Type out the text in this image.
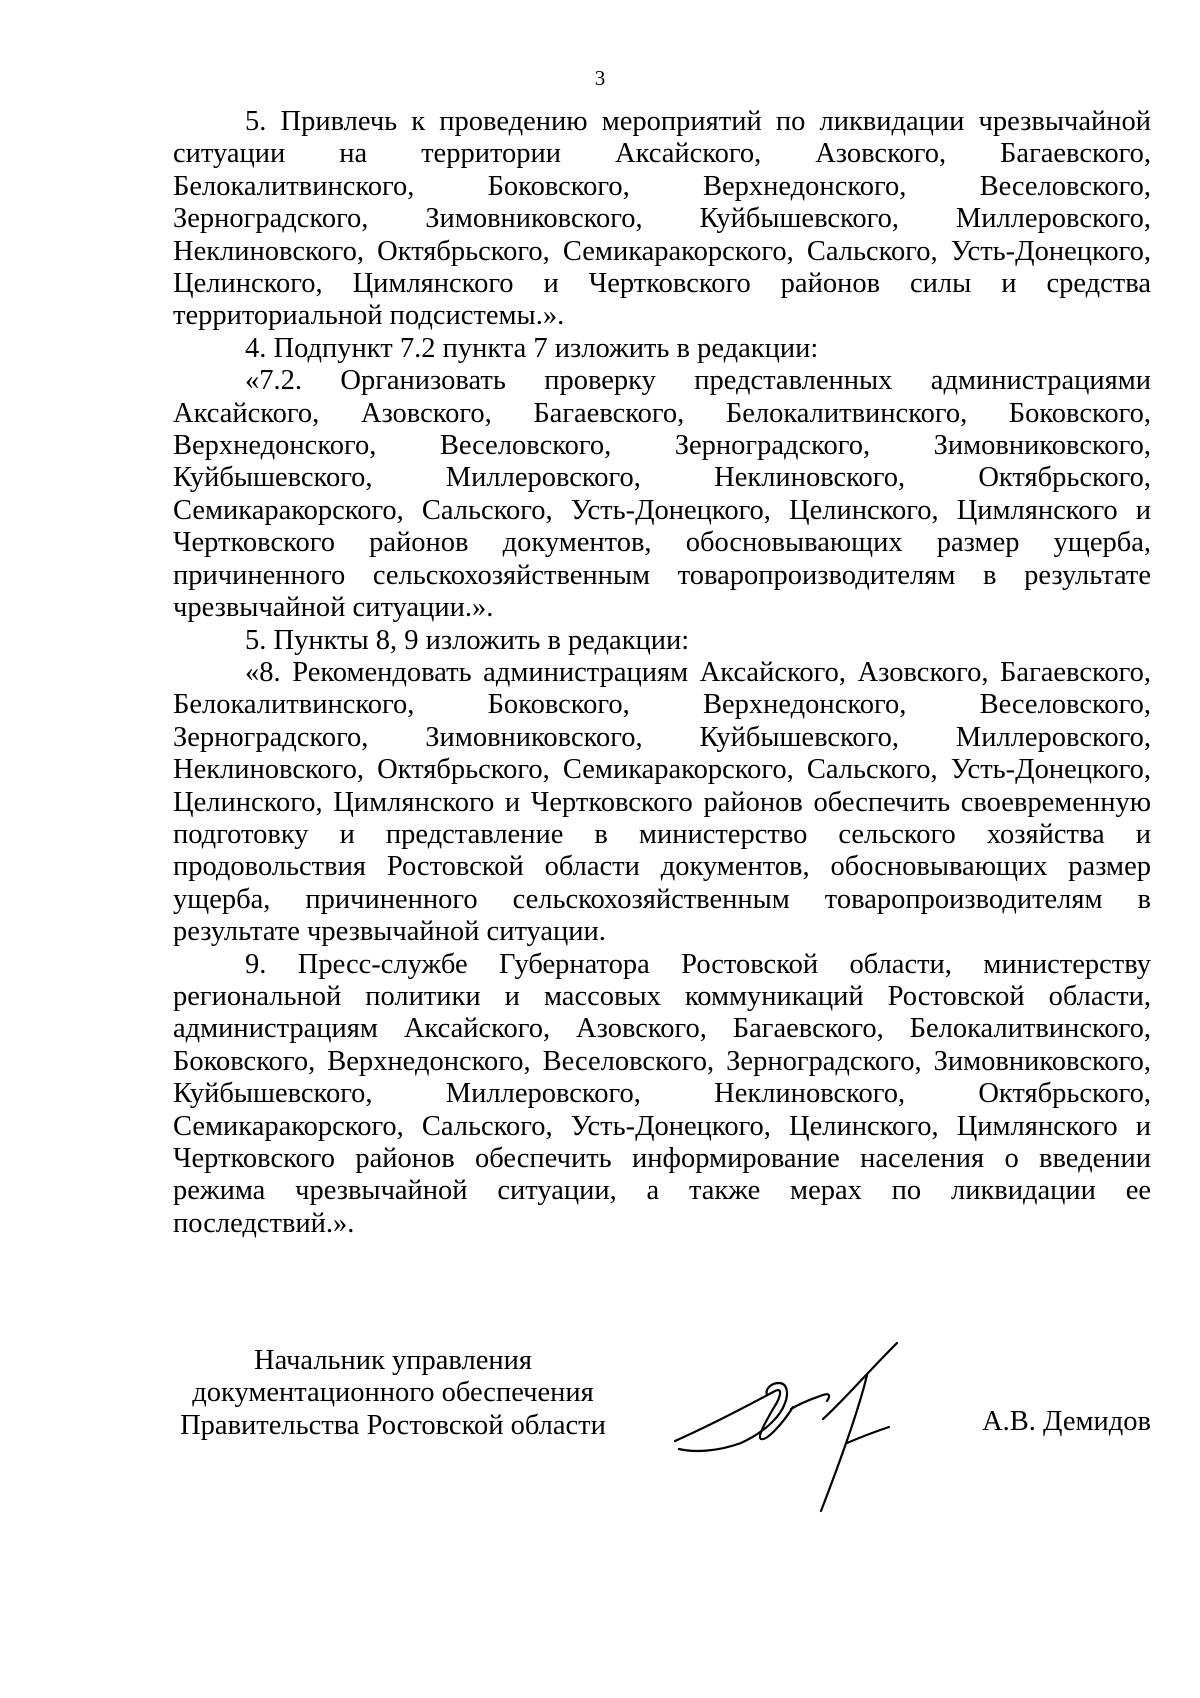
3

5. Привлечь к проведению мероприятий по ликвидации чрезвычайной ситуации на территории Аксайского, Азовского, Багаевского, Белокалитвинского, Боковского, Верхнедонского, Веселовского, Зерноградского, Зимовниковского, Куйбышевского, Миллеровского, Неклиновского, Октябрьского, Семикаракорского, Сальского, Усть-Донецкого, Целинского, Цимлянского и Чертковского районов силы и средства территориальной подсистемы.».

4. Подпункт 7.2 пункта 7 изложить в редакции:

«7.2. Организовать проверку представленных администрациями Аксайского, Азовского, Багаевского, Белокалитвинского, Боковского, Верхнедонского, Веселовского, Зерноградского, Зимовниковского, Куйбышевского, Миллеровского, Неклиновского, Октябрьского, Семикаракорского, Сальского, Усть-Донецкого, Целинского, Цимлянского и Чертковского районов документов, обосновывающих размер ущерба, причиненного сельскохозяйственным товаропроизводителям в результате чрезвычайной ситуации.».

5. Пункты 8, 9 изложить в редакции:

«8. Рекомендовать администрациям Аксайского, Азовского, Багаевского, Белокалитвинского, Боковского, Верхнедонского, Веселовского, Зерноградского, Зимовниковского, Куйбышевского, Миллеровского, Неклиновского, Октябрьского, Семикаракорского, Сальского, Усть-Донецкого, Целинского, Цимлянского и Чертковского районов обеспечить своевременную подготовку и представление в министерство сельского хозяйства и продовольствия Ростовской области документов, обосновывающих размер ущерба, причиненного сельскохозяйственным товаропроизводителям в результате чрезвычайной ситуации.

9. Пресс-службе Губернатора Ростовской области, министерству региональной политики и массовых коммуникаций Ростовской области, администрациям Аксайского, Азовского, Багаевского, Белокалитвинского, Боковского, Верхнедонского, Веселовского, Зерноградского, Зимовниковского, Куйбышевского, Миллеровского, Неклиновского, Октябрьского, Семикаракорского, Сальского, Усть-Донецкого, Целинского, Цимлянского и Чертковского районов обеспечить информирование населения о введении режима чрезвычайной ситуации, а также мерах по ликвидации ее последствий.».

Начальник управления
документационного обеспечения
Правительства Ростовской области	А.В. Демидов
